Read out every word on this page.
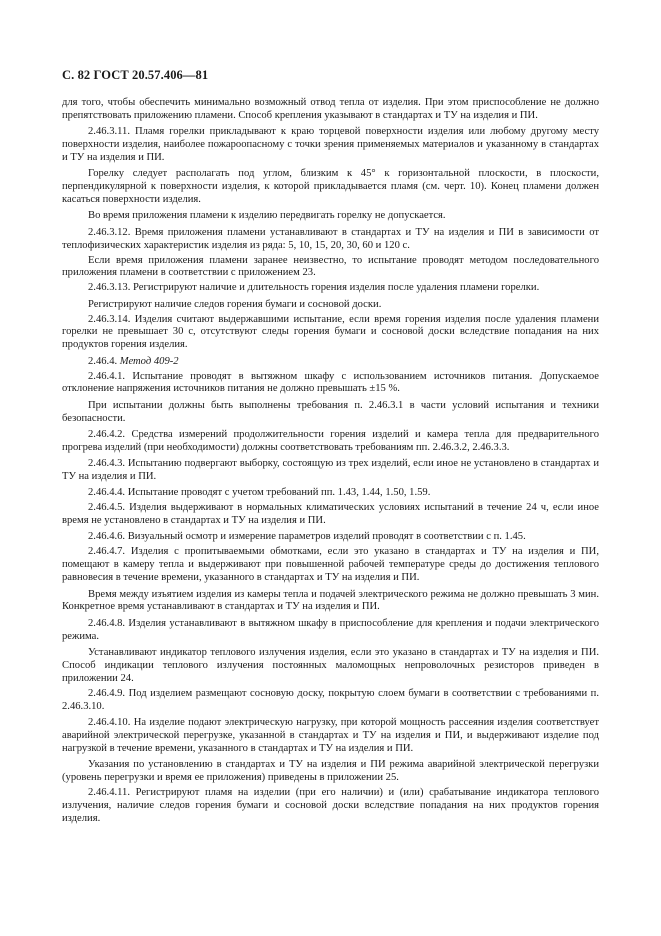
С. 82 ГОСТ 20.57.406—81

для того, чтобы обеспечить минимально возможный отвод тепла от изделия. При этом приспособление не должно препятствовать приложению пламени. Способ крепления указывают в стандартах и ТУ на изделия и ПИ.

2.46.3.11. Пламя горелки прикладывают к краю торцевой поверхности изделия или любому другому месту поверхности изделия, наиболее пожароопасному с точки зрения применяемых материалов и указанному в стандартах и ТУ на изделия и ПИ.

Горелку следует располагать под углом, близким к 45° к горизонтальной плоскости, в плоскости, перпендикулярной к поверхности изделия, к которой прикладывается пламя (см. черт. 10). Конец пламени должен касаться поверхности изделия.

Во время приложения пламени к изделию передвигать горелку не допускается.

2.46.3.12. Время приложения пламени устанавливают в стандартах и ТУ на изделия и ПИ в зависимости от теплофизических характеристик изделия из ряда: 5, 10, 15, 20, 30, 60 и 120 с.

Если время приложения пламени заранее неизвестно, то испытание проводят методом последовательного приложения пламени в соответствии с приложением 23.

2.46.3.13. Регистрируют наличие и длительность горения изделия после удаления пламени горелки.

Регистрируют наличие следов горения бумаги и сосновой доски.

2.46.3.14. Изделия считают выдержавшими испытание, если время горения изделия после удаления пламени горелки не превышает 30 с, отсутствуют следы горения бумаги и сосновой доски вследствие попадания на них продуктов горения изделия.

2.46.4. Метод 409-2

2.46.4.1. Испытание проводят в вытяжном шкафу с использованием источников питания. Допускаемое отклонение напряжения источников питания не должно превышать ±15 %.

При испытании должны быть выполнены требования п. 2.46.3.1 в части условий испытания и техники безопасности.

2.46.4.2. Средства измерений продолжительности горения изделий и камера тепла для предварительного прогрева изделий (при необходимости) должны соответствовать требованиям пп. 2.46.3.2, 2.46.3.3.

2.46.4.3. Испытанию подвергают выборку, состоящую из трех изделий, если иное не установлено в стандартах и ТУ на изделия и ПИ.

2.46.4.4. Испытание проводят с учетом требований пп. 1.43, 1.44, 1.50, 1.59.

2.46.4.5. Изделия выдерживают в нормальных климатических условиях испытаний в течение 24 ч, если иное время не установлено в стандартах и ТУ на изделия и ПИ.

2.46.4.6. Визуальный осмотр и измерение параметров изделий проводят в соответствии с п. 1.45.

2.46.4.7. Изделия с пропитываемыми обмотками, если это указано в стандартах и ТУ на изделия и ПИ, помещают в камеру тепла и выдерживают при повышенной рабочей температуре среды до достижения теплового равновесия в течение времени, указанного в стандартах и ТУ на изделия и ПИ.

Время между изъятием изделия из камеры тепла и подачей электрического режима не должно превышать 3 мин. Конкретное время устанавливают в стандартах и ТУ на изделия и ПИ.

2.46.4.8. Изделия устанавливают в вытяжном шкафу в приспособление для крепления и подачи электрического режима.

Устанавливают индикатор теплового излучения изделия, если это указано в стандартах и ТУ на изделия и ПИ. Способ индикации теплового излучения постоянных маломощных непроволочных резисторов приведен в приложении 24.

2.46.4.9. Под изделием размещают сосновую доску, покрытую слоем бумаги в соответствии с требованиями п. 2.46.3.10.

2.46.4.10. На изделие подают электрическую нагрузку, при которой мощность рассеяния изделия соответствует аварийной электрической перегрузке, указанной в стандартах и ТУ на изделия и ПИ, и выдерживают изделие под нагрузкой в течение времени, указанного в стандартах и ТУ на изделия и ПИ.

Указания по установлению в стандартах и ТУ на изделия и ПИ режима аварийной электрической перегрузки (уровень перегрузки и время ее приложения) приведены в приложении 25.

2.46.4.11. Регистрируют пламя на изделии (при его наличии) и (или) срабатывание индикатора теплового излучения, наличие следов горения бумаги и сосновой доски вследствие попадания на них продуктов горения изделия.
